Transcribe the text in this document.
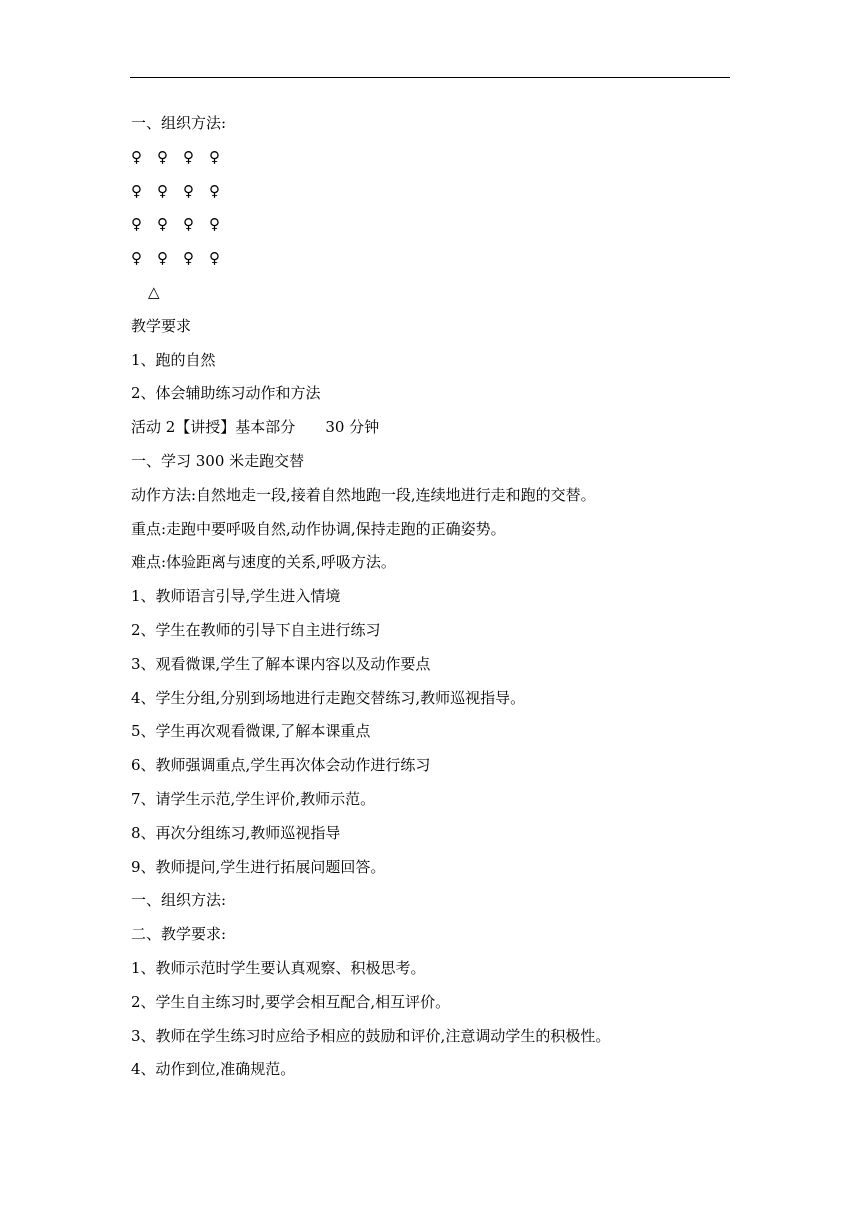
一、组织方法:
♀ ♀ ♀ ♀
♀ ♀ ♀ ♀
♀ ♀ ♀ ♀
♀ ♀ ♀ ♀
△
教学要求
1、跑的自然
2、体会辅助练习动作和方法
活动 2【讲授】基本部分 30 分钟
一、学习 300 米走跑交替
动作方法:自然地走一段,接着自然地跑一段,连续地进行走和跑的交替。
重点:走跑中要呼吸自然,动作协调,保持走跑的正确姿势。
难点:体验距离与速度的关系,呼吸方法。
1、教师语言引导,学生进入情境
2、学生在教师的引导下自主进行练习
3、观看微课,学生了解本课内容以及动作要点
4、学生分组,分别到场地进行走跑交替练习,教师巡视指导。
5、学生再次观看微课,了解本课重点
6、教师强调重点,学生再次体会动作进行练习
7、请学生示范,学生评价,教师示范。
8、再次分组练习,教师巡视指导
9、教师提问,学生进行拓展问题回答。
一、组织方法:
二、教学要求:
1、教师示范时学生要认真观察、积极思考。
2、学生自主练习时,要学会相互配合,相互评价。
3、教师在学生练习时应给予相应的鼓励和评价,注意调动学生的积极性。
4、动作到位,准确规范。
